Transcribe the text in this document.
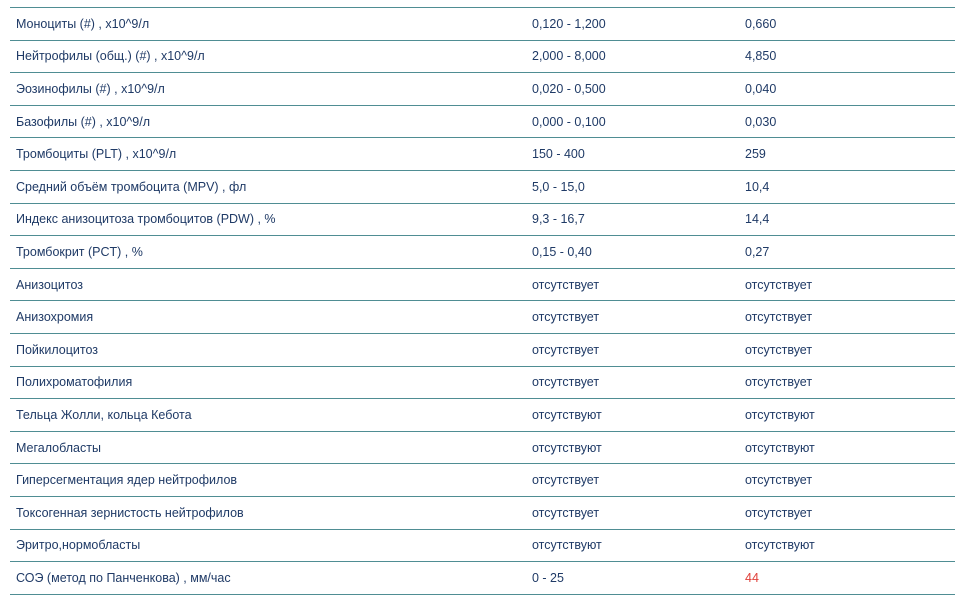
Моноциты (#) , x10^9/л	0,120 - 1,200	0,660
Нейтрофилы (общ.) (#) , x10^9/л	2,000 - 8,000	4,850
Эозинофилы (#) , x10^9/л	0,020 - 0,500	0,040
Базофилы (#) , x10^9/л	0,000 - 0,100	0,030
Тромбоциты (PLT) , x10^9/л	150 - 400	259
Средний объём тромбоцита (MPV) , фл	5,0 - 15,0	10,4
Индекс анизоцитоза тромбоцитов (PDW) , %	9,3 - 16,7	14,4
Тромбокрит (PCT) , %	0,15 - 0,40	0,27
Анизоцитоз	отсутствует	отсутствует
Анизохромия	отсутствует	отсутствует
Пойкилоцитоз	отсутствует	отсутствует
Полихроматофилия	отсутствует	отсутствует
Тельца Жолли, кольца Кебота	отсутствуют	отсутствуют
Мегалобласты	отсутствуют	отсутствуют
Гиперсегментация ядер нейтрофилов	отсутствует	отсутствует
Токсогенная зернистость нейтрофилов	отсутствует	отсутствует
Эритро,нормобласты	отсутствуют	отсутствуют
СОЭ (метод по Панченкова) , мм/час	0 - 25	44
